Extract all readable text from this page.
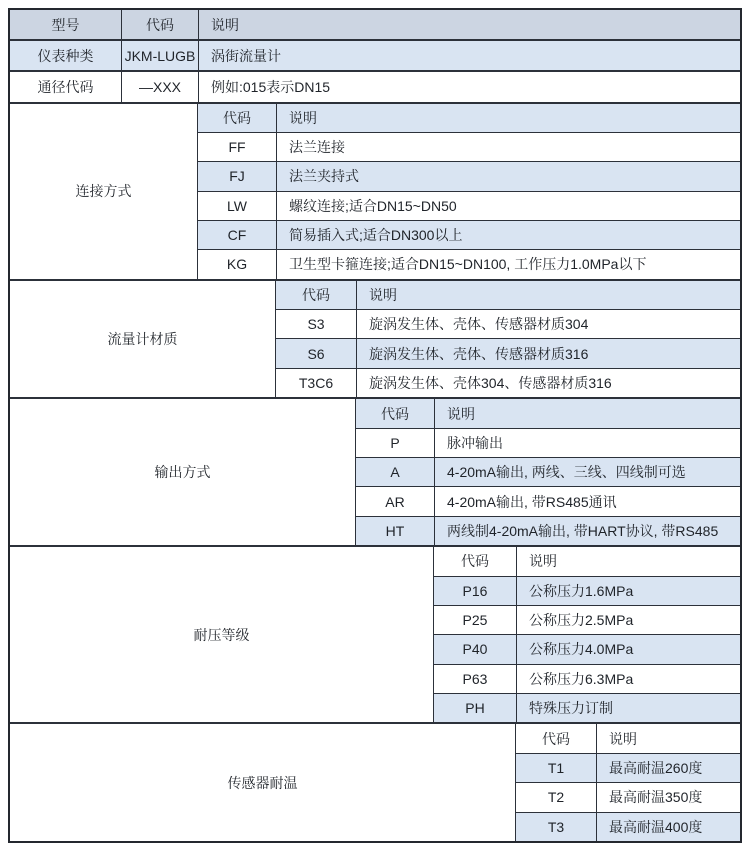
型号	代码	说明
仪表种类	JKM-LUGB	涡街流量计
通径代码	—XXX	例如:015表示DN15
连接方式
代码	说明
FF	法兰连接
FJ	法兰夹持式
LW	螺纹连接;适合DN15~DN50
CF	简易插入式;适合DN300以上
KG	卫生型卡箍连接;适合DN15~DN100, 工作压力1.0MPa以下
流量计材质
代码	说明
S3	旋涡发生体、壳体、传感器材质304
S6	旋涡发生体、壳体、传感器材质316
T3C6	旋涡发生体、壳体304、传感器材质316
输出方式
代码	说明
P	脉冲输出
A	4-20mA输出, 两线、三线、四线制可选
AR	4-20mA输出, 带RS485通讯
HT	两线制4-20mA输出, 带HART协议, 带RS485
耐压等级
代码	说明
P16	公称压力1.6MPa
P25	公称压力2.5MPa
P40	公称压力4.0MPa
P63	公称压力6.3MPa
PH	特殊压力订制
传感器耐温
代码	说明
T1	最高耐温260度
T2	最高耐温350度
T3	最高耐温400度
